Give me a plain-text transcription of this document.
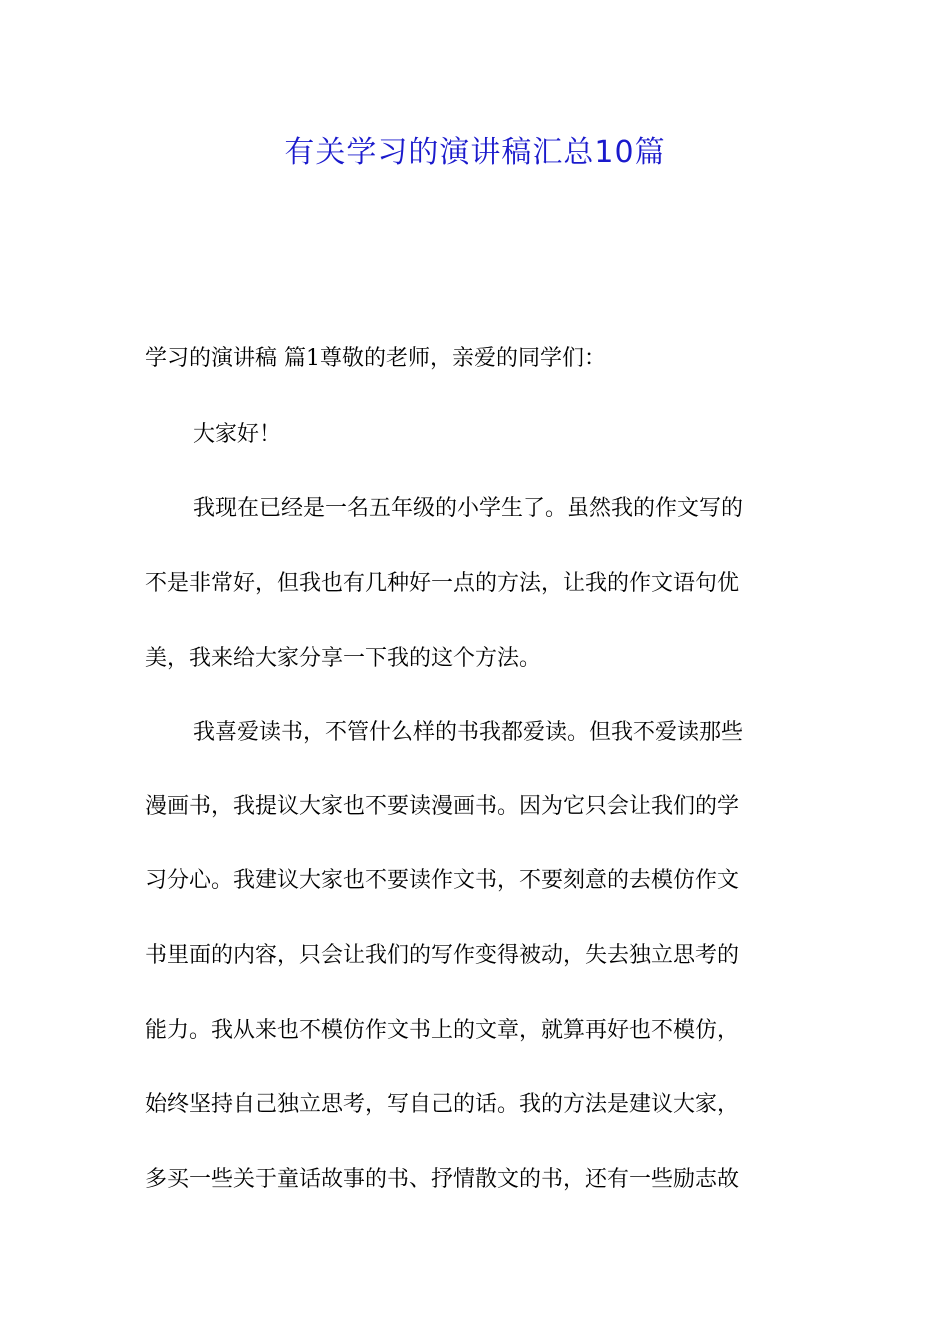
有关学习的演讲稿汇总10篇

学习的演讲稿 篇1尊敬的老师，亲爱的同学们：

大家好！

我现在已经是一名五年级的小学生了。虽然我的作文写的

不是非常好，但我也有几种好一点的方法，让我的作文语句优

美，我来给大家分享一下我的这个方法。

我喜爱读书，不管什么样的书我都爱读。但我不爱读那些

漫画书，我提议大家也不要读漫画书。因为它只会让我们的学

习分心。我建议大家也不要读作文书，不要刻意的去模仿作文

书里面的内容，只会让我们的写作变得被动，失去独立思考的

能力。我从来也不模仿作文书上的文章，就算再好也不模仿，

始终坚持自己独立思考，写自己的话。我的方法是建议大家，

多买一些关于童话故事的书、抒情散文的书，还有一些励志故
